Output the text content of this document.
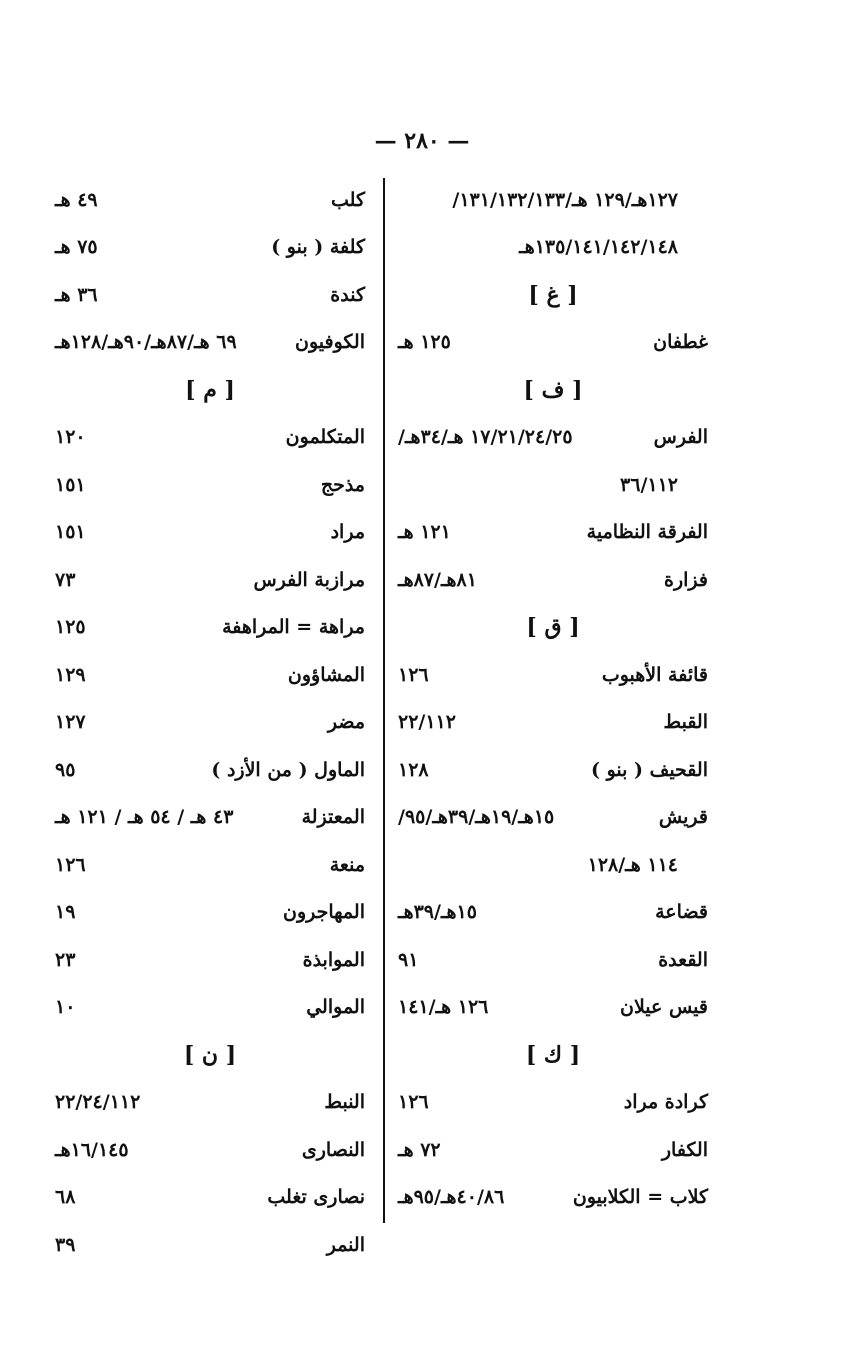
— ٢٨٠ —
١٢٧هـ/١٢٩ هـ/١٣١/١٣٢/١٣٣/
١٣٥/١٤١/١٤٢/١٤٨هـ
[ غ ]
غطفان
١٢٥ هـ
[ ف ]
الفرس
١٧/٢١/٢٤/٢٥ هـ/٣٤هـ/
٣٦/١١٢
الفرقة النظامية
١٢١ هـ
فزارة
٨١هـ/٨٧هـ
[ ق ]
قائفة الأهبوب
١٢٦
القبط
٢٢/١١٢
القحيف ( بنو )
١٢٨
قريش
١٥هـ/١٩هـ/٣٩هـ/٩٥/
١١٤ هـ/١٢٨
قضاعة
١٥هـ/٣٩هـ
القعدة
٩١
قيس عيلان
١٢٦ هـ/١٤١
[ ك ]
كرادة مراد
١٢٦
الكفار
٧٢ هـ
كلاب = الكلابيون
٤٠/٨٦هـ/٩٥هـ
كلب
٤٩ هـ
كلفة ( بنو )
٧٥ هـ
كندة
٣٦ هـ
الكوفيون
٦٩ هـ/٨٧هـ/٩٠هـ/١٢٨هـ
[ م ]
المتكلمون
١٢٠
مذحج
١٥١
مراد
١٥١
مرازبة الفرس
٧٣
مراهة = المراهفة
١٢٥
المشاؤون
١٢٩
مضر
١٢٧
الماول ( من الأزد )
٩٥
المعتزلة
٤٣ هـ / ٥٤ هـ / ١٢١ هـ
منعة
١٢٦
المهاجرون
١٩
الموابذة
٢٣
الموالي
١٠
[ ن ]
النبط
٢٢/٢٤/١١٢
النصارى
١٦/١٤٥هـ
نصارى تغلب
٦٨
النمر
٣٩
